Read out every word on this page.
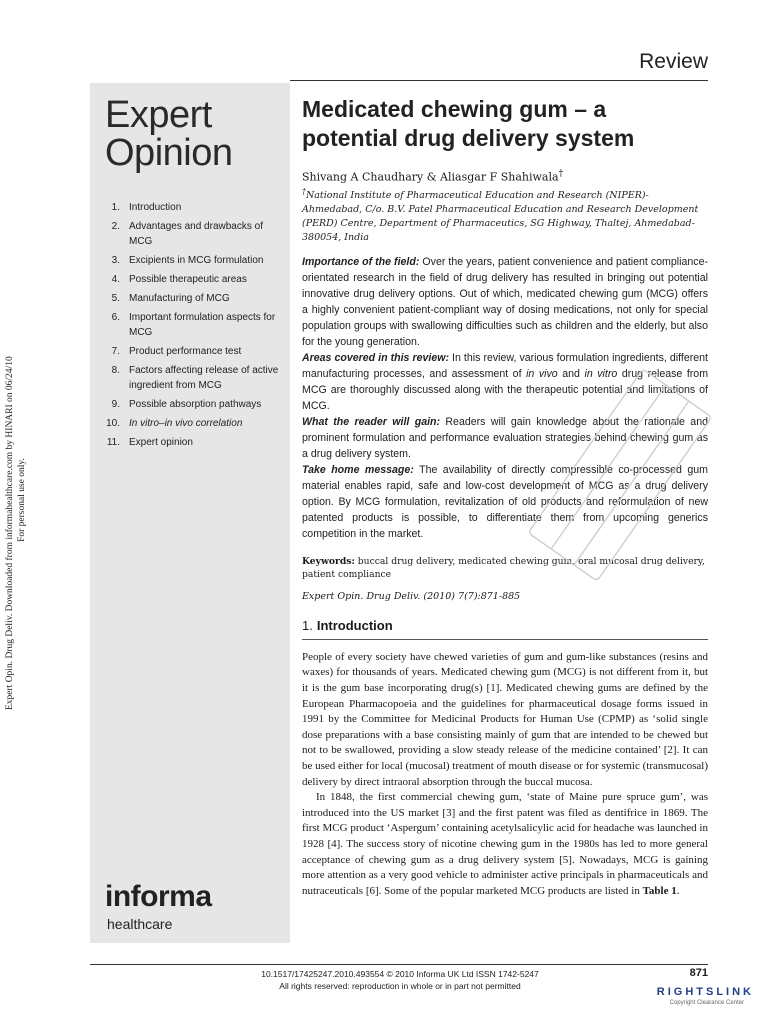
Expert Opin. Drug Deliv. Downloaded from informahealthcare.com by HINARI on 06/24/10 For personal use only.
Review
Expert
Opinion
1. Introduction
2. Advantages and drawbacks of MCG
3. Excipients in MCG formulation
4. Possible therapeutic areas
5. Manufacturing of MCG
6. Important formulation aspects for MCG
7. Product performance test
8. Factors affecting release of active ingredient from MCG
9. Possible absorption pathways
10. In vitro–in vivo correlation
11. Expert opinion
informa
healthcare
Medicated chewing gum – a potential drug delivery system
Shivang A Chaudhary & Aliasgar F Shahiwala†
†National Institute of Pharmaceutical Education and Research (NIPER)-Ahmedabad, C/o. B.V. Patel Pharmaceutical Education and Research Development (PERD) Centre, Department of Pharmaceutics, SG Highway, Thaltej, Ahmedabad-380054, India

Importance of the field: Over the years, patient convenience and patient compliance-orientated research in the field of drug delivery has resulted in bringing out potential innovative drug delivery options. Out of which, medicated chewing gum (MCG) offers a highly convenient patient-compliant way of dosing medications, not only for special population groups with swallowing difficulties such as children and the elderly, but also for the young generation.

Areas covered in this review: In this review, various formulation ingredients, different manufacturing processes, and assessment of in vivo and in vitro drug release from MCG are thoroughly discussed along with the therapeutic potential and limitations of MCG.

What the reader will gain: Readers will gain knowledge about the rationale and prominent formulation and performance evaluation strategies behind chewing gum as a drug delivery system.

Take home message: The availability of directly compressible co-processed gum material enables rapid, safe and low-cost development of MCG as a drug delivery option. By MCG formulation, revitalization of old products and reformulation of new patented products is possible, to differentiate them from upcoming generics competition in the market.

Keywords: buccal drug delivery, medicated chewing gum, oral mucosal drug delivery, patient compliance
Expert Opin. Drug Deliv. (2010) 7(7):871-885
1. Introduction

People of every society have chewed varieties of gum and gum-like substances (resins and waxes) for thousands of years. Medicated chewing gum (MCG) is not different from it, but it is the gum base incorporating drug(s) [1]. Medicated chewing gums are defined by the European Pharmacopoeia and the guidelines for pharmaceutical dosage forms issued in 1991 by the Committee for Medicinal Products for Human Use (CPMP) as ‘solid single dose preparations with a base consisting mainly of gum that are intended to be chewed but not to be swallowed, providing a slow steady release of the medicine contained’ [2]. It can be used either for local (mucosal) treatment of mouth disease or for systemic (transmucosal) delivery by direct intraoral absorption through the buccal mucosa.

In 1848, the first commercial chewing gum, ‘state of Maine pure spruce gum’, was introduced into the US market [3] and the first patent was filed as dentifrice in 1869. The first MCG product ‘Aspergum’ containing acetylsalicylic acid for headache was launched in 1928 [4]. The success story of nicotine chewing gum in the 1980s has led to more general acceptance of chewing gum as a drug delivery system [5]. Nowadays, MCG is gaining more attention as a very good vehicle to administer active principals in pharmaceuticals and nutraceuticals [6]. Some of the popular marketed MCG products are listed in Table 1.

10.1517/17425247.2010.493554 © 2010 Informa UK Ltd ISSN 1742-5247
All rights reserved: reproduction in whole or in part not permitted
871
RIGHTSLINK
Copyright Clearance Center
